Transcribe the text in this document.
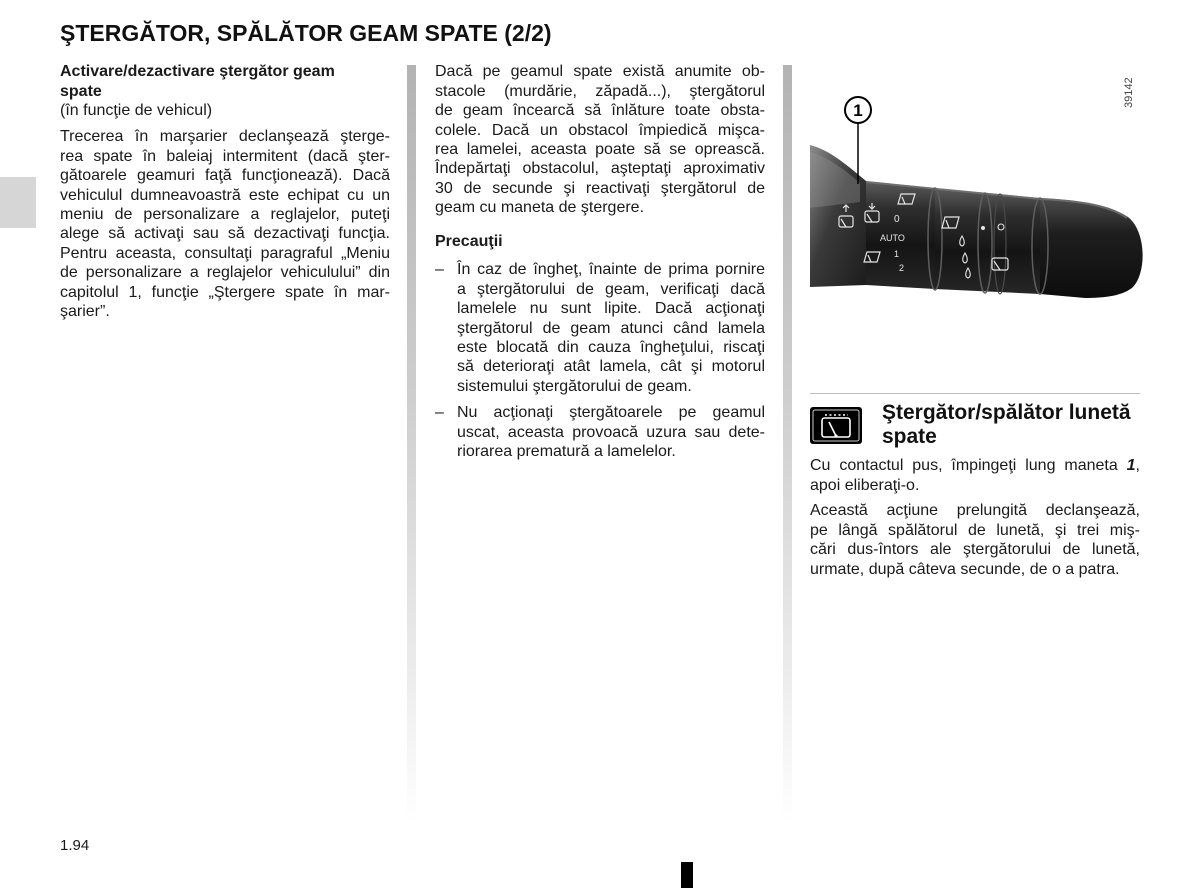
ŞTERGĂTOR, SPĂLĂTOR GEAM SPATE (2/2)
Activare/dezactivare ştergător geam
spate
(în funcţie de vehicul)
Trecerea în marşarier declanşează şterge-
rea spate în baleiaj intermitent (dacă şter-
gătoarele geamuri faţă funcţionează). Dacă
vehiculul dumneavoastră este echipat cu un
meniu de personalizare a reglajelor, puteţi
alege să activaţi sau să dezactivaţi funcţia.
Pentru aceasta, consultaţi paragraful „Meniu
de personalizare a reglajelor vehiculului” din
capitolul 1, funcţie „Ştergere spate în mar-
şarier”.
Dacă pe geamul spate există anumite ob-
stacole (murdărie, zăpadă...), ştergătorul
de geam încearcă să înlăture toate obsta-
colele. Dacă un obstacol împiedică mişca-
rea lamelei, aceasta poate să se oprească.
Îndepărtaţi obstacolul, aşteptaţi aproximativ
30 de secunde şi reactivaţi ştergătorul de
geam cu maneta de ştergere.
Precauţii
– În caz de îngheţ, înainte de prima pornire
a ştergătorului de geam, verificaţi dacă
lamelele nu sunt lipite. Dacă acţionaţi
ştergătorul de geam atunci când lamela
este blocată din cauza îngheţului, riscaţi
să deterioraţi atât lamela, cât şi motorul
sistemului ştergătorului de geam.
– Nu acţionaţi ştergătoarele pe geamul
uscat, aceasta provoacă uzura sau dete-
riorarea prematură a lamelelor.
0
AUTO
1
2
1
39142
Ştergător/spălător lunetă
spate
Cu contactul pus, împingeţi lung maneta 1,
apoi eliberaţi-o.
Această acţiune prelungită declanşează,
pe lângă spălătorul de lunetă, şi trei miş-
cări dus-întors ale ştergătorului de lunetă,
urmate, după câteva secunde, de o a patra.
1.94
